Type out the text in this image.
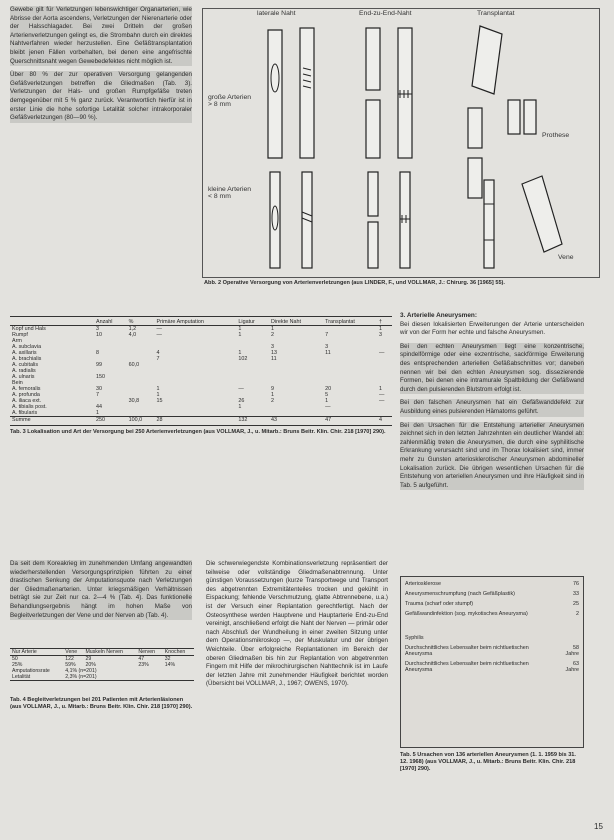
Gewebe gilt für Verletzungen lebenswichtiger Organarterien, wie Abrisse der Aorta ascendens, Verletzungen der Nierenarterie oder der Halsschlagader. Bei zwei Dritteln der großen Arterienverletzungen gelingt es, die Strombahn durch ein direktes Nahtverfahren wieder herzustellen. Eine Gefäßtransplantation bleibt jenen Fällen vorbehalten, bei denen eine angefrischte Querschnittsnaht wegen Gewebedefektes nicht möglich ist.

Über 80 % der zur operativen Versorgung gelangenden Gefäßverletzungen betreffen die Gliedmaßen (Tab. 3). Verletzungen der Hals- und großen Rumpfgefäße treten demgegenüber mit 5 % ganz zurück. Verantwortlich hierfür ist in erster Linie die hohe sofortige Letalität solcher intrakorporaler Gefäßverletzungen (80—90 %).

laterale Naht	End-zu-End-Naht	Transplantat
große Arterien > 8 mm
kleine Arterien < 8 mm
Prothese
Vene
Abb. 2 Operative Versorgung von Arterienverletzungen (aus LINDER, F., und VOLLMAR, J.: Chirurg. 36 [1965] 55).
	Anzahl	%	Primäre Amputation	Ligatur	Direkte Naht	Transplantat	†
Kopf und Hals	3	1,2	—	1	1		1
Rumpf	10	4,0	—	1	2	7	3
Arm							
A. subclavia					3	3	
A. axillaris	8		4	1	13	11	—
A. brachialis			7	102	11		
A. cubitalis	99	60,0					
A. radialis							
A. ulnaris	150						
Bein							
A. femoralis	30		1	—	9	20	1
A. profunda	7		1		1	5	—
A. iliaca ext.		30,8	15	26	2	1	—
A. tibialis post.	44			1		—	
A. fibularis	1						
Summe	250	100,0	28	132	43	47	4
Tab. 3 Lokalisation und Art der Versorgung bei 250 Arterienverletzungen (aus VOLLMAR, J., u. Mitarb.: Bruns Beitr. Klin. Chir. 218 [1970] 290).
3. Arterielle Aneurysmen:

Bei diesen lokalisierten Erweiterungen der Arterie unterscheiden wir von der Form her echte und falsche Aneurysmen.

Bei den echten Aneurysmen liegt eine konzentrische, spindelförmige oder eine exzentrische, sackförmige Erweiterung des entsprechenden arteriellen Gefäßabschnittes vor; daneben nennen wir bei den echten Aneurysmen sog. dissezierende Formen, bei denen eine intramurale Spaltbildung der Gefäßwand durch den pulsierenden Blutstrom erfolgt ist.

Bei den falschen Aneurysmen hat ein Gefäßwanddefekt zur Ausbildung eines pulsierenden Hämatoms geführt.

Bei den Ursachen für die Entstehung arterieller Aneurysmen zeichnet sich in den letzten Jahrzehnten ein deutlicher Wandel ab: zahlenmäßig treten die Aneurysmen, die durch eine syphilitische Erkrankung verursacht sind und im Thorax lokalisiert sind, immer mehr zu Gunsten arteriosklerotischer Aneurysmen abdomineller Lokalisation zurück. Die übrigen wesentlichen Ursachen für die Entstehung von arteriellen Aneurysmen und ihre Häufigkeit sind in Tab. 5 aufgeführt.

Da seit dem Koreakrieg im zunehmenden Umfang angewandten wiederherstellenden Versorgungsprinzipien führten zu einer drastischen Senkung der Amputationsquote nach Verletzungen der Gliedmaßenarterien. Unter kriegsmäßigen Verhältnissen beträgt sie zur Zeit nur ca. 2—4 % (Tab. 4). Das funktionelle Behandlungsergebnis hängt im hohen Maße von Begleitverletzungen der Vene und der Nerven ab (Tab. 4).
Nur Arterie	Vene	Muskeln Nerven	Nerven	Knochen
50	122	29	47	32
25%	59%	20%	23%	14%
Amputationsrate	4,1% (n=201)			
Letalität	2,3% (n=201)			
Tab. 4 Begleitverletzungen bei 201 Patienten mit Arterienläsionen (aus VOLLMAR, J., u. Mitarb.: Bruns Beitr. Klin. Chir. 218 [1970] 290).
Die schwerwiegendste Kombinationsverletzung repräsentiert der teilweise oder vollständige Gliedmaßenabtrennung. Unter günstigen Voraussetzungen (kurze Transportwege und Transport des abgetrennten Extremitätenteiles trocken und gekühlt in Eispackung; fehlende Verschmutzung, glatte Abtrennebene, u.a.) ist der Versuch einer Replantation gerechtfertigt. Nach der Osteosynthese werden Hauptvene und Hauptarterie End-zu-End vereinigt, anschließend erfolgt die Naht der Nerven — primär oder nach Abschluß der Wundheilung in einer zweiten Sitzung unter dem Operationsmikroskop —, der Muskulatur und der übrigen Weichteile. Über erfolgreiche Replantationen im Bereich der oberen Gliedmaßen bis hin zur Replantation von abgetrennten Fingern mit Hilfe der mikrochirurgischen Nahttechnik ist im Laufe der letzten Jahre mit zunehmender Häufigkeit berichtet worden (Übersicht bei VOLLMAR, J., 1967; OWENS, 1970).
Arteriosklerose	76
Aneurysmenschrumpfung (nach Gefäßplastik)	33
Trauma (scharf oder stumpf)	25
Gefäßwandinfektion (sog. mykotisches Aneurysma)	2

Syphilis	
Durchschnittliches Lebensalter beim nichtluetischen Aneurysma	58 Jahre
Durchschnittliches Lebensalter beim nichtluetischen Aneurysma	63 Jahre
Tab. 5 Ursachen von 136 arteriellen Aneurysmen (1. 1. 1959 bis 31. 12. 1968) (aus VOLLMAR, J., u. Mitarb.: Bruns Beitr. Klin. Chir. 218 [1970] 290).
15
